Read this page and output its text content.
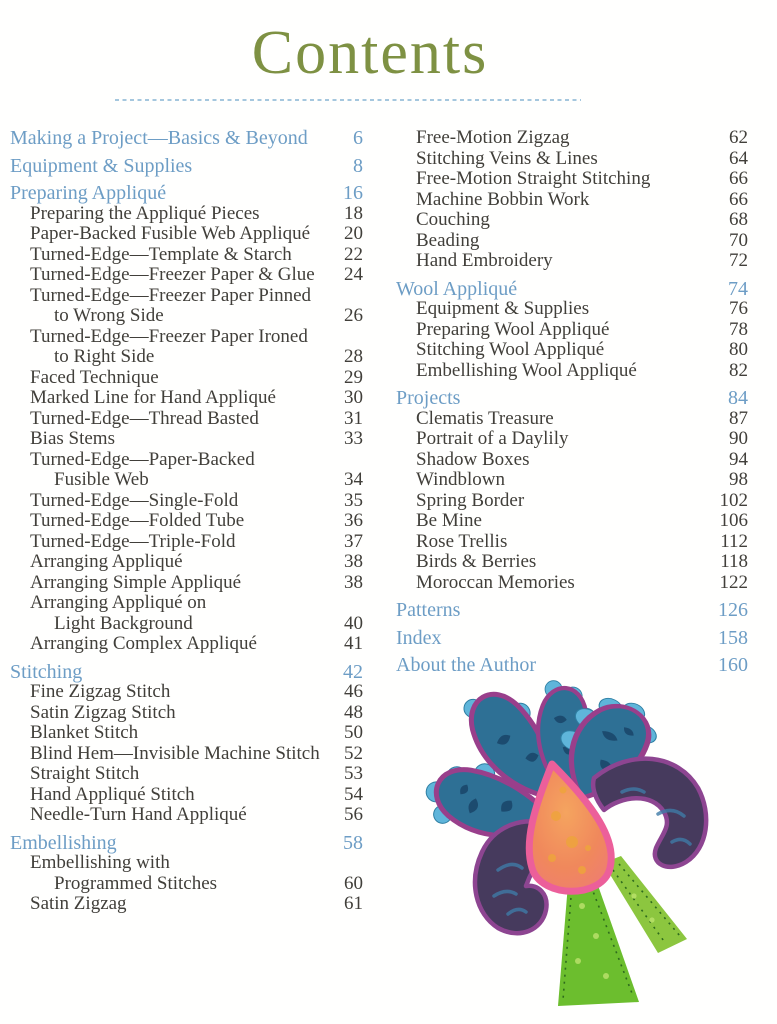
Contents
Making a Project—Basics & Beyond 6
Equipment & Supplies	8
Preparing Appliqué	16
Preparing the Appliqué Pieces	18
Paper-Backed Fusible Web Appliqué 20
Turned-Edge—Template & Starch	22
Turned-Edge—Freezer Paper & Glue 24
Turned-Edge—Freezer Paper Pinned
to Wrong Side	26
Turned-Edge—Freezer Paper Ironed
to Right Side	28
Faced Technique	29
Marked Line for Hand Appliqué	30
Turned-Edge—Thread Basted	31
Bias Stems	33
Turned-Edge—Paper-Backed
Fusible Web	34
Turned-Edge—Single-Fold	35
Turned-Edge—Folded Tube	36
Turned-Edge—Triple-Fold	37
Arranging Appliqué	38
Arranging Simple Appliqué	38
Arranging Appliqué on
Light Background	40
Arranging Complex Appliqué	41
Stitching	42
Fine Zigzag Stitch	46
Satin Zigzag Stitch	48
Blanket Stitch	50
Blind Hem—Invisible Machine Stitch 52
Straight Stitch	53
Hand Appliqué Stitch	54
Needle-Turn Hand Appliqué	56
Embellishing	58
Embellishing with
Programmed Stitches	60
Satin Zigzag	61
Free-Motion Zigzag	62
Stitching Veins & Lines	64
Free-Motion Straight Stitching	66
Machine Bobbin Work	66
Couching	68
Beading	70
Hand Embroidery	72
Wool Appliqué	74
Equipment & Supplies	76
Preparing Wool Appliqué	78
Stitching Wool Appliqué	80
Embellishing Wool Appliqué	82
Projects	84
Clematis Treasure	87
Portrait of a Daylily	90
Shadow Boxes	94
Windblown	98
Spring Border	102
Be Mine	106
Rose Trellis	112
Birds & Berries	118
Moroccan Memories	122
Patterns	126
Index	158
About the Author	160
